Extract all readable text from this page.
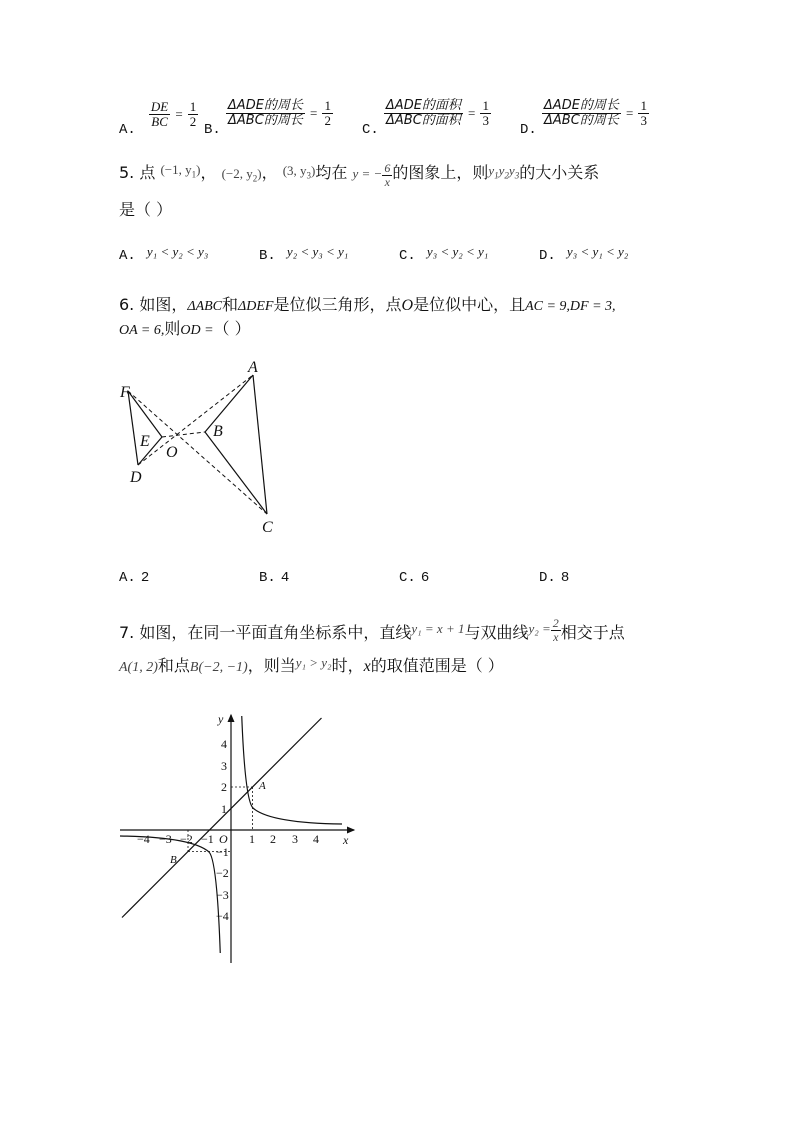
A.
$\frac{DE}{BC} = \frac{1}{2}$
B.
$\frac{\text{ΔADE的周长}}{\text{ΔABC的周长}} = \frac{1}{2}$
C.
$\frac{\text{ΔADE的面积}}{\text{ΔABC的面积}} = \frac{1}{3}$
D.
$\frac{\text{ΔADE的周长}}{\text{ΔABC的周长}} = \frac{1}{3}$
5. 点 $^{(-1, y_1)}$， (−2, $y_2$)， (3, $y_3$)均在 y = − $\frac{6}{x}$ 的图象上，则$y_1y_2y_3$的大小关系
是（ ）
A. y₁ < y₂ < y₃	B. y₂ < y₃ < y₁	C. y₃ < y₂ < y₁	D. y₃ < y₁ < y₂
6. 如图，ΔABC和ΔDEF是位似三角形，点O是位似中心，且AC = 9,DF = 3,
OA = 6,则OD =（ ）
A
B
C
D
E
F
O
A. 2	B. 4	C. 6	D. 8
7. 如图，在同一平面直角坐标系中，直线$^{y_1 = x + 1}$与双曲线$^{y_2 = \frac{2}{x}}$ 相交于点
A(1, 2)和点B(−2, −1)，则当$^{y_1 > y_2}$时，x的取值范围是（ ）
y
x
O
A
B
−4 −3 −2 −1	1 2 3 4
4
3
2
1
−1
−2
−3
−4
